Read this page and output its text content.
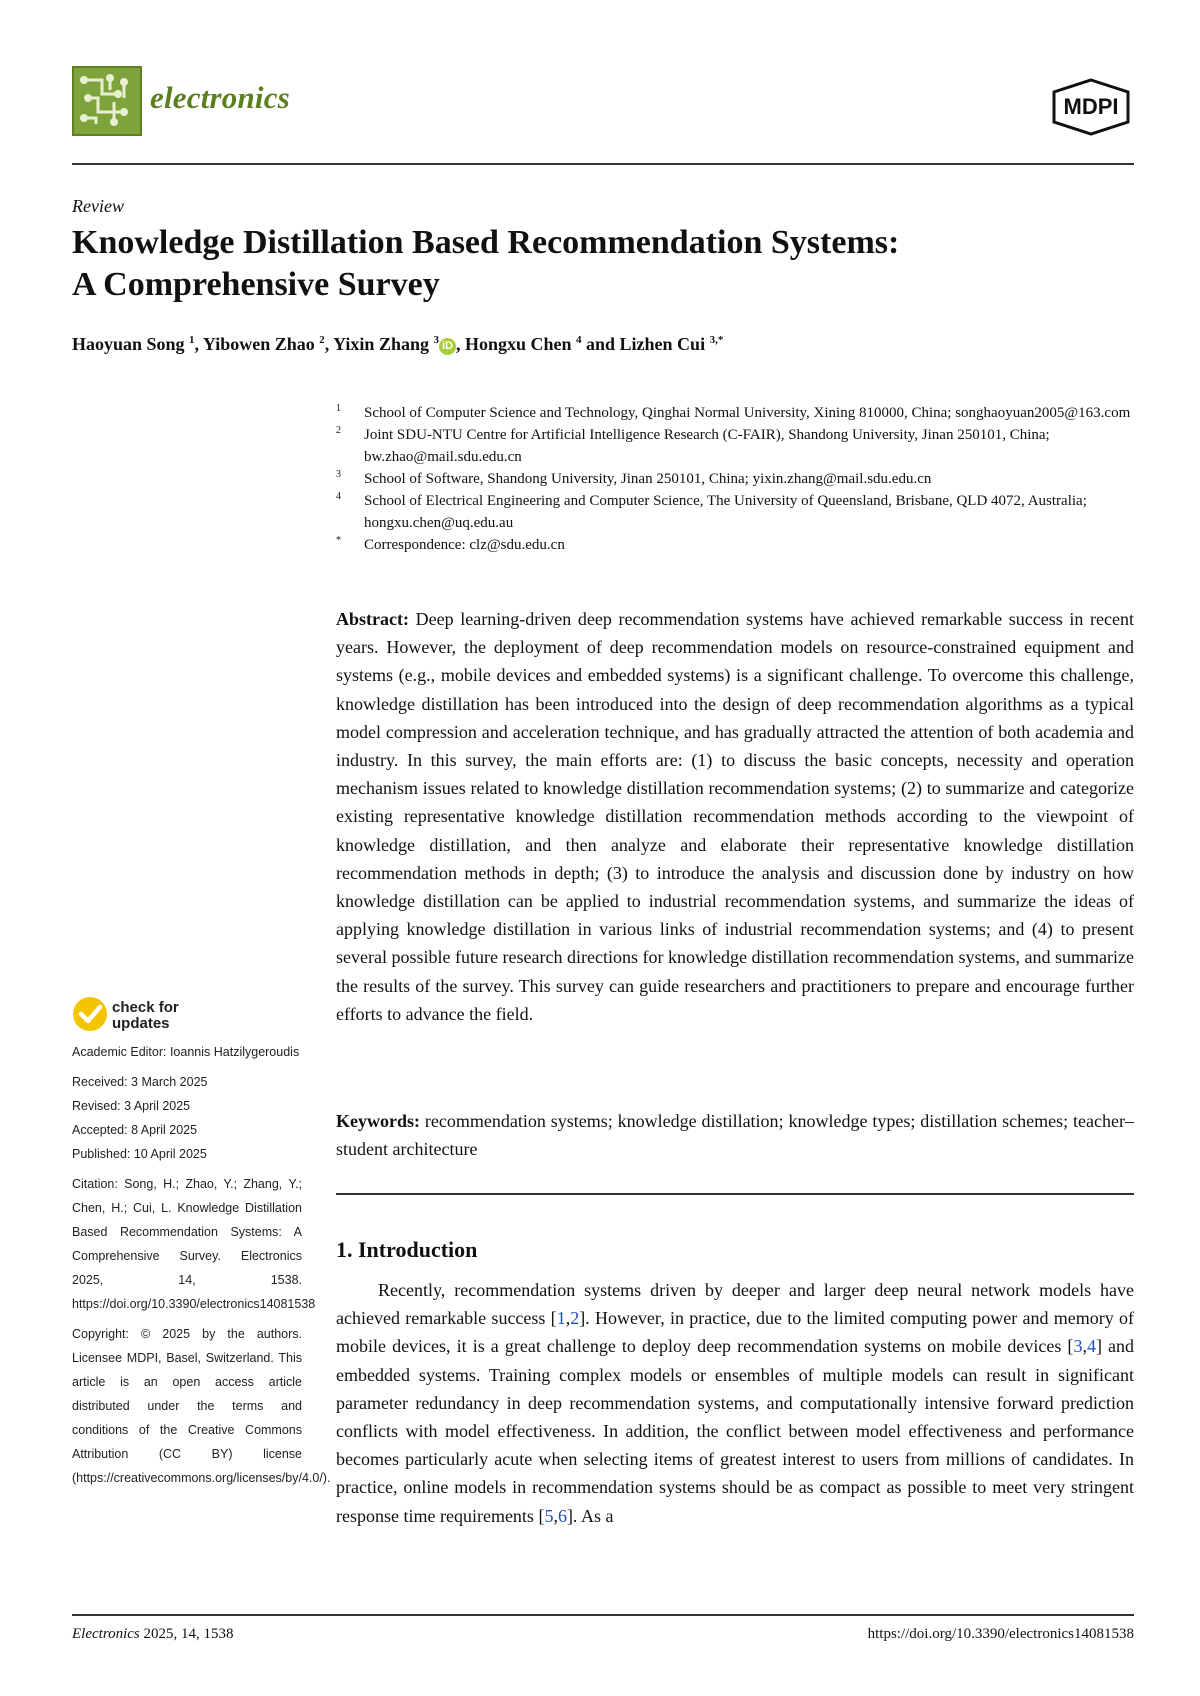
electronics	MDPI
Review
Knowledge Distillation Based Recommendation Systems:
A Comprehensive Survey
Haoyuan Song $^1$, Yibowen Zhao $^2$, Yixin Zhang $^3$ iD , Hongxu Chen $^4$ and Lizhen Cui $^{3,*}$
1 School of Computer Science and Technology, Qinghai Normal University, Xining 810000, China; songhaoyuan2005@163.com
2 Joint SDU-NTU Centre for Artificial Intelligence Research (C-FAIR), Shandong University, Jinan 250101, China; bw.zhao@mail.sdu.edu.cn
3 School of Software, Shandong University, Jinan 250101, China; yixin.zhang@mail.sdu.edu.cn
4 School of Electrical Engineering and Computer Science, The University of Queensland, Brisbane, QLD 4072, Australia; hongxu.chen@uq.edu.au
* Correspondence: clz@sdu.edu.cn
Abstract: Deep learning-driven deep recommendation systems have achieved remarkable success in recent years. However, the deployment of deep recommendation models on resource-constrained equipment and systems (e.g., mobile devices and embedded systems) is a significant challenge. To overcome this challenge, knowledge distillation has been introduced into the design of deep recommendation algorithms as a typical model compression and acceleration technique, and has gradually attracted the attention of both academia and industry. In this survey, the main efforts are: (1) to discuss the basic concepts, necessity and operation mechanism issues related to knowledge distillation recommendation systems; (2) to summarize and categorize existing representative knowledge distillation recommendation methods according to the viewpoint of knowledge distillation, and then analyze and elaborate their representative knowledge distillation recommendation methods in depth; (3) to introduce the analysis and discussion done by industry on how knowledge distillation can be applied to industrial recommendation systems, and summarize the ideas of applying knowledge distillation in various links of industrial recommendation systems; and (4) to present several possible future research directions for knowledge distillation recommendation systems, and summarize the results of the survey. This survey can guide researchers and practitioners to prepare and encourage further efforts to advance the field.
Keywords: recommendation systems; knowledge distillation; knowledge types; distillation schemes; teacher–student architecture
1. Introduction
Recently, recommendation systems driven by deeper and larger deep neural network models have achieved remarkable success [1,2]. However, in practice, due to the limited computing power and memory of mobile devices, it is a great challenge to deploy deep recommendation systems on mobile devices [3,4] and embedded systems. Training complex models or ensembles of multiple models can result in significant parameter redundancy in deep recommendation systems, and computationally intensive forward prediction conflicts with model effectiveness. In addition, the conflict between model effectiveness and performance becomes particularly acute when selecting items of greatest interest to users from millions of candidates. In practice, online models in recommendation systems should be as compact as possible to meet very stringent response time requirements [5,6]. As a
check for
updates
Academic Editor: Ioannis Hatzilygeroudis
Received: 3 March 2025
Revised: 3 April 2025
Accepted: 8 April 2025
Published: 10 April 2025
Citation: Song, H.; Zhao, Y.; Zhang, Y.; Chen, H.; Cui, L. Knowledge Distillation Based Recommendation Systems: A Comprehensive Survey. Electronics 2025, 14, 1538. https://doi.org/10.3390/electronics14081538
Copyright: © 2025 by the authors. Licensee MDPI, Basel, Switzerland. This article is an open access article distributed under the terms and conditions of the Creative Commons Attribution (CC BY) license (https://creativecommons.org/licenses/by/4.0/).
Electronics 2025, 14, 1538	https://doi.org/10.3390/electronics14081538
